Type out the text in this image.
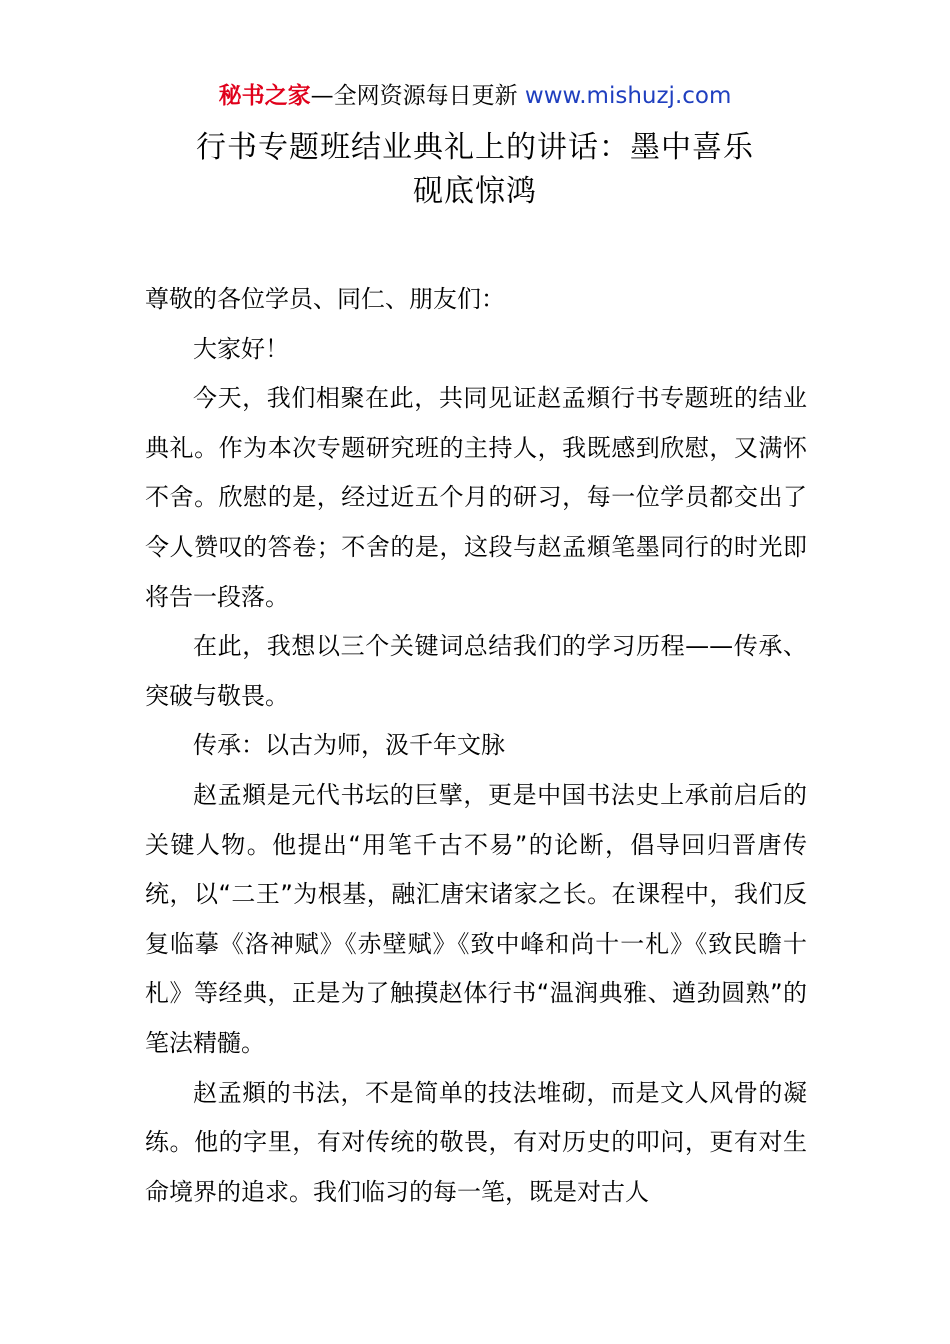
秘书之家—全网资源每日更新 www.mishuzj.com
行书专题班结业典礼上的讲话：墨中喜乐
砚底惊鸿

尊敬的各位学员、同仁、朋友们：

大家好！

今天，我们相聚在此，共同见证赵孟頫行书专题班的结业典礼。作为本次专题研究班的主持人，我既感到欣慰，又满怀不舍。欣慰的是，经过近五个月的研习，每一位学员都交出了令人赞叹的答卷；不舍的是，这段与赵孟頫笔墨同行的时光即将告一段落。

在此，我想以三个关键词总结我们的学习历程——传承、突破与敬畏。

传承：以古为师，汲千年文脉

赵孟頫是元代书坛的巨擘，更是中国书法史上承前启后的关键人物。他提出“用笔千古不易”的论断，倡导回归晋唐传统，以“二王”为根基，融汇唐宋诸家之长。在课程中，我们反复临摹《洛神赋》《赤壁赋》《致中峰和尚十一札》《致民瞻十札》等经典，正是为了触摸赵体行书“温润典雅、遒劲圆熟”的笔法精髓。

赵孟頫的书法，不是简单的技法堆砌，而是文人风骨的凝练。他的字里，有对传统的敬畏，有对历史的叩问，更有对生命境界的追求。我们临习的每一笔，既是对古人
